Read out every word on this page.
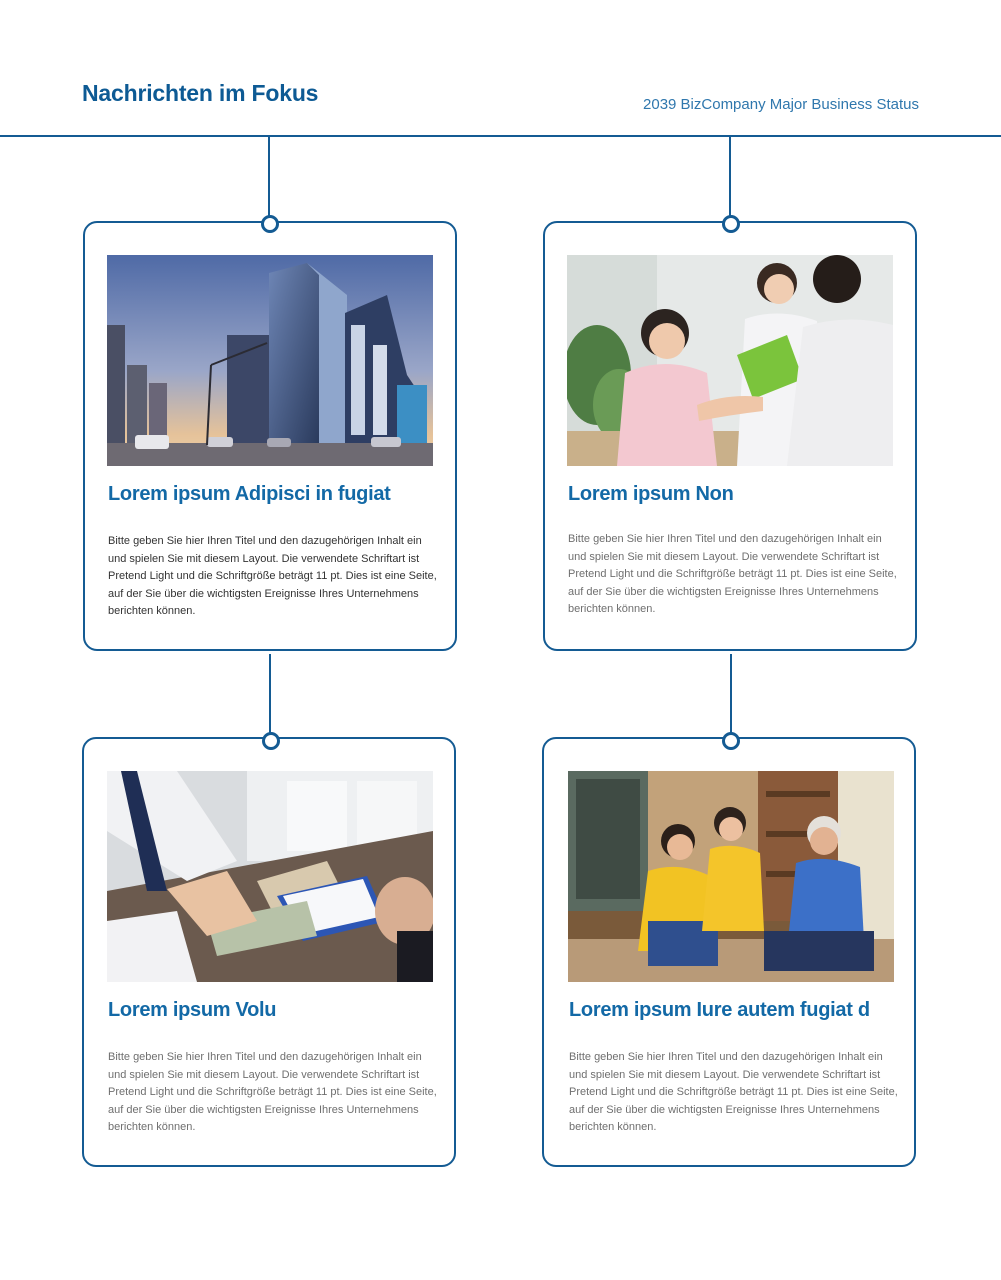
Nachrichten im Fokus	2039 BizCompany Major Business Status
Lorem ipsum Adipisci in fugiat

Bitte geben Sie hier Ihren Titel und den dazugehörigen Inhalt ein und spielen Sie mit diesem Layout. Die verwendete Schriftart ist Pretend Light und die Schriftgröße beträgt 11 pt. Dies ist eine Seite, auf der Sie über die wichtigsten Ereignisse Ihres Unternehmens berichten können.

Lorem ipsum Non

Bitte geben Sie hier Ihren Titel und den dazugehörigen Inhalt ein und spielen Sie mit diesem Layout. Die verwendete Schriftart ist Pretend Light und die Schriftgröße beträgt 11 pt. Dies ist eine Seite, auf der Sie über die wichtigsten Ereignisse Ihres Unternehmens berichten können.

Lorem ipsum Volu

Bitte geben Sie hier Ihren Titel und den dazugehörigen Inhalt ein und spielen Sie mit diesem Layout. Die verwendete Schriftart ist Pretend Light und die Schriftgröße beträgt 11 pt. Dies ist eine Seite, auf der Sie über die wichtigsten Ereignisse Ihres Unternehmens berichten können.

Lorem ipsum Iure autem fugiat d

Bitte geben Sie hier Ihren Titel und den dazugehörigen Inhalt ein und spielen Sie mit diesem Layout. Die verwendete Schriftart ist Pretend Light und die Schriftgröße beträgt 11 pt. Dies ist eine Seite, auf der Sie über die wichtigsten Ereignisse Ihres Unternehmens berichten können.
